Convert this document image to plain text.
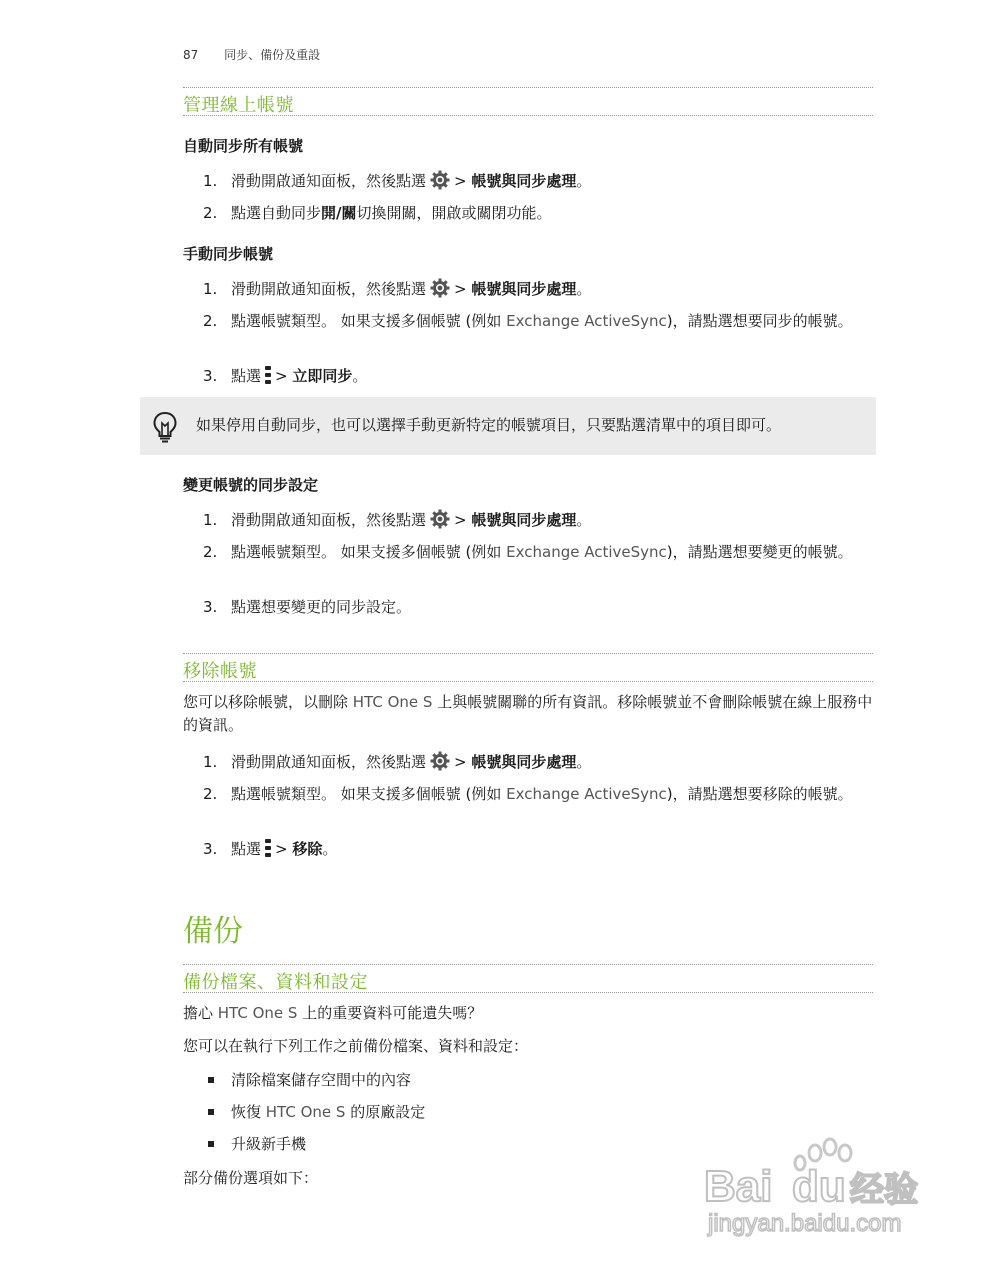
87 同步、備份及重設
管理線上帳號
自動同步所有帳號
1. 滑動開啟通知面板，然後點選 > 帳號與同步處理。
2. 點選自動同步開/關切換開關，開啟或關閉功能。
手動同步帳號
1. 滑動開啟通知面板，然後點選 > 帳號與同步處理。
2. 點選帳號類型。 如果支援多個帳號 (例如 Exchange ActiveSync)，請點選想要同步的帳號。
3. 點選 > 立即同步。
如果停用自動同步，也可以選擇手動更新特定的帳號項目，只要點選清單中的項目即可。
變更帳號的同步設定
1. 滑動開啟通知面板，然後點選 > 帳號與同步處理。
2. 點選帳號類型。 如果支援多個帳號 (例如 Exchange ActiveSync)，請點選想要變更的帳號。
3. 點選想要變更的同步設定。
移除帳號
您可以移除帳號，以刪除 HTC One S 上與帳號關聯的所有資訊。移除帳號並不會刪除帳號在線上服務中的資訊。
1. 滑動開啟通知面板，然後點選 > 帳號與同步處理。
2. 點選帳號類型。 如果支援多個帳號 (例如 Exchange ActiveSync)，請點選想要移除的帳號。
3. 點選 > 移除。
備份
備份檔案、資料和設定
擔心 HTC One S 上的重要資料可能遺失嗎？
您可以在執行下列工作之前備份檔案、資料和設定：
清除檔案儲存空間中的內容
恢復 HTC One S 的原廠設定
升級新手機
部分備份選項如下：	Bai du 经验
jingyan.baidu.com
